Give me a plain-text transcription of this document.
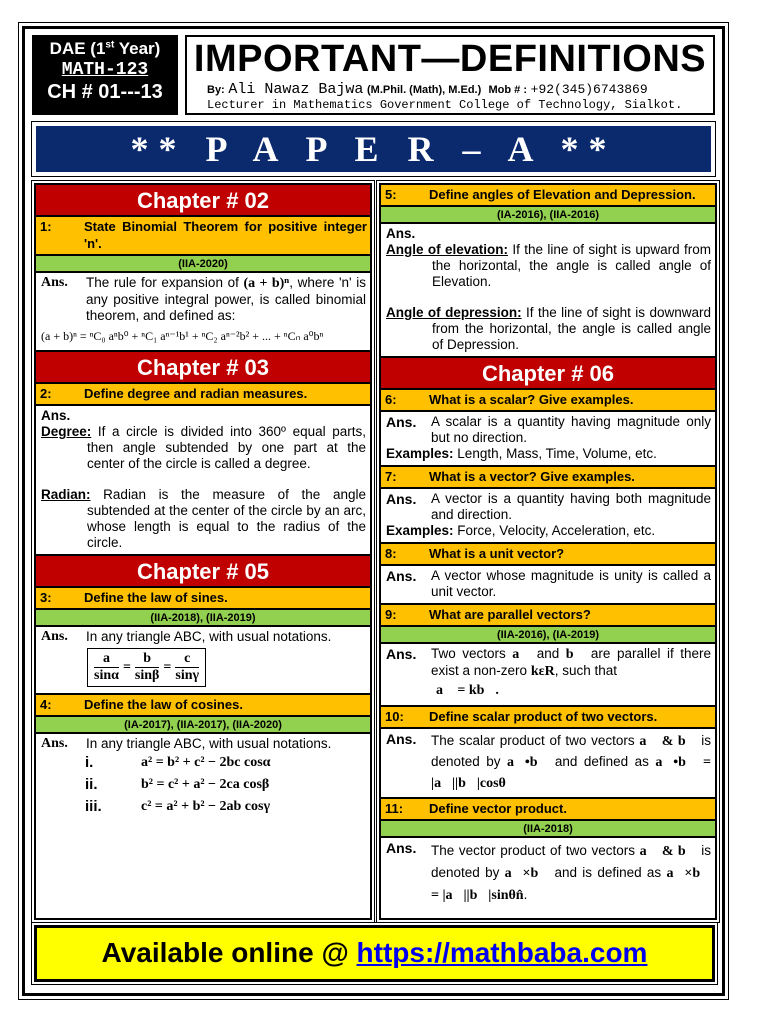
DAE (1st Year)
MATH-123
CH # 01---13
IMPORTANT—DEFINITIONS
By: Ali Nawaz Bajwa (M.Phil. (Math), M.Ed.) Mob # : +92(345)6743869
Lecturer in Mathematics Government College of Technology, Sialkot.
** P A P E R – A **
Chapter # 02
1:	State Binomial Theorem for positive integer 'n'.
(IIA-2020)
Ans.	The rule for expansion of (a + b)ⁿ, where 'n' is any positive integral power, is called binomial theorem, and defined as:
(a + b)ⁿ = ⁿC₀ aⁿb⁰ + ⁿC₁ aⁿ⁻¹b¹ + ⁿC₂ aⁿ⁻²b² + ... + ⁿCₙ a⁰bⁿ
Chapter # 03
2:	Define degree and radian measures.
Ans.
Degree: If a circle is divided into 360º equal parts, then angle subtended by one part at the center of the circle is called a degree.
Radian: Radian is the measure of the angle subtended at the center of the circle by an arc, whose length is equal to the radius of the circle.
Chapter # 05
3:	Define the law of sines.
(IIA-2018), (IIA-2019)
Ans.	In any triangle ABC, with usual notations.
$\frac{a}{\sin\alpha} = \frac{b}{\sin\beta} = \frac{c}{\sin\gamma}$
4:	Define the law of cosines.
(IA-2017), (IIA-2017), (IIA-2020)
Ans.	In any triangle ABC, with usual notations.
i.	a² = b² + c² − 2bc cosα
ii.	b² = c² + a² − 2ca cosβ
iii.	c² = a² + b² − 2ab cosγ
5:	Define angles of Elevation and Depression.
(IA-2016), (IIA-2016)
Ans.
Angle of elevation: If the line of sight is upward from the horizontal, the angle is called angle of Elevation.
Angle of depression: If the line of sight is downward from the horizontal, the angle is called angle of Depression.
Chapter # 06
6:	What is a scalar? Give examples.
Ans.	A scalar is a quantity having magnitude only but no direction.
Examples: Length, Mass, Time, Volume, etc.
7:	What is a vector? Give examples.
Ans.	A vector is a quantity having both magnitude and direction.
Examples: Force, Velocity, Acceleration, etc.
8:	What is a unit vector?
Ans.	A vector whose magnitude is unity is called a unit vector.
9:	What are parallel vectors?
(IIA-2016), (IA-2019)
Ans.	Two vectors a⃗ and b⃗ are parallel if there exist a non-zero kεR, such that
a⃗ = kb⃗.
10:	Define scalar product of two vectors.
Ans.	The scalar product of two vectors a⃗ & b⃗ is denoted by a⃗•b⃗ and defined as a⃗•b⃗ = |a⃗||b⃗|cosθ
11:	Define vector product.
(IIA-2018)
Ans.	The vector product of two vectors a⃗ & b⃗ is denoted by a⃗×b⃗ and is defined as a⃗×b⃗ = |a⃗||b⃗|sinθn̂.
Available online @ https://mathbaba.com
